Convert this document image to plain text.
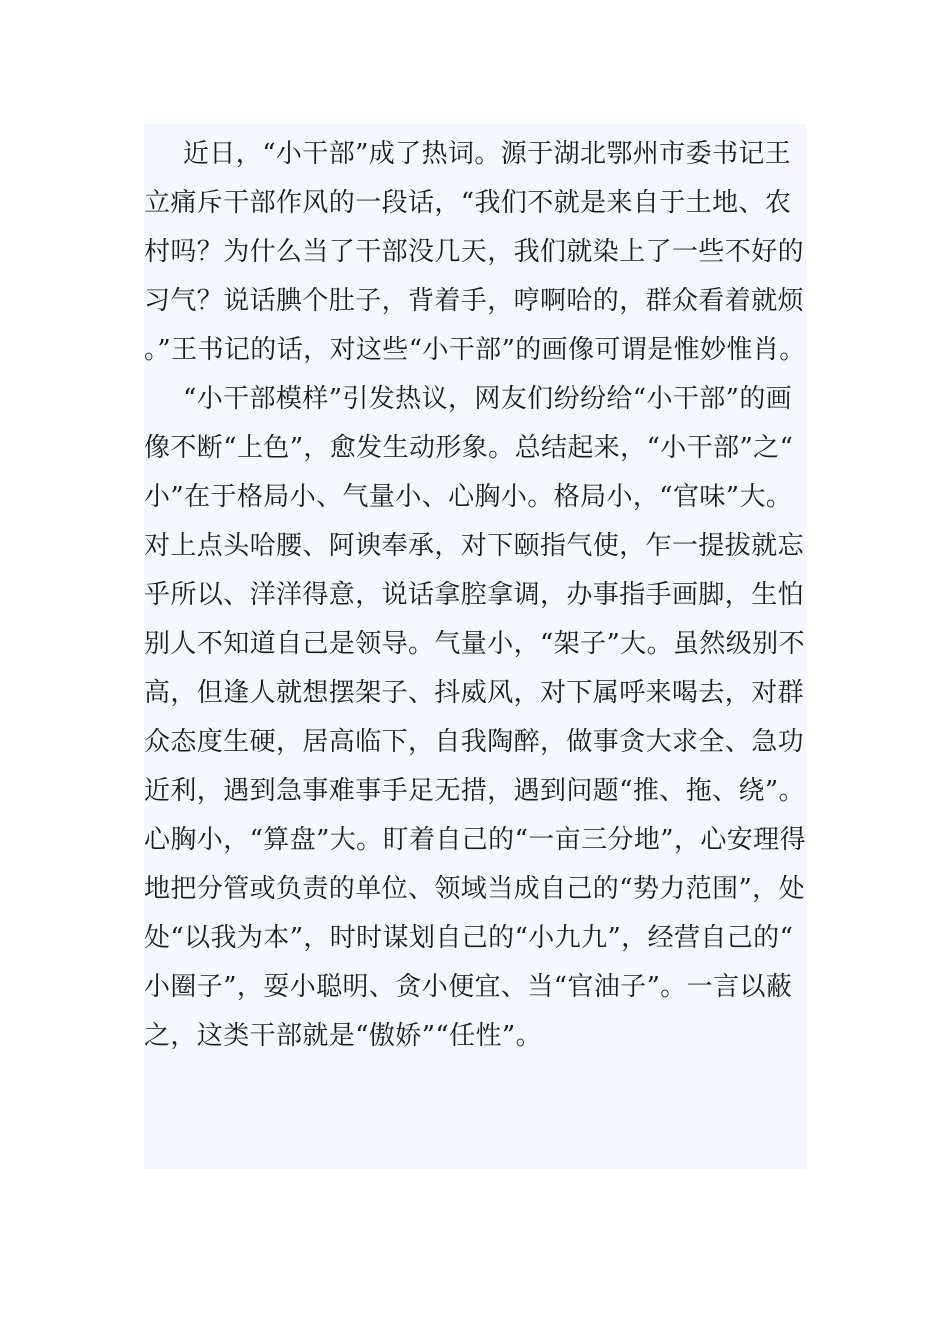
近日，“小干部”成了热词。源于湖北鄂州市委书记王立痛斥干部作风的一段话，“我们不就是来自于土地、农村吗？为什么当了干部没几天，我们就染上了一些不好的习气？说话腆个肚子，背着手，哼啊哈的，群众看着就烦。”王书记的话，对这些“小干部”的画像可谓是惟妙惟肖。

“小干部模样”引发热议，网友们纷纷给“小干部”的画像不断“上色”，愈发生动形象。总结起来，“小干部”之“小”在于格局小、气量小、心胸小。格局小，“官味”大。对上点头哈腰、阿谀奉承，对下颐指气使，乍一提拔就忘乎所以、洋洋得意，说话拿腔拿调，办事指手画脚，生怕别人不知道自己是领导。气量小，“架子”大。虽然级别不高，但逢人就想摆架子、抖威风，对下属呼来喝去，对群众态度生硬，居高临下，自我陶醉，做事贪大求全、急功近利，遇到急事难事手足无措，遇到问题“推、拖、绕”。心胸小，“算盘”大。盯着自己的“一亩三分地”，心安理得地把分管或负责的单位、领域当成自己的“势力范围”，处处“以我为本”，时时谋划自己的“小九九”，经营自己的“小圈子”，耍小聪明、贪小便宜、当“官油子”。一言以蔽之，这类干部就是“傲娇”“任性”。
